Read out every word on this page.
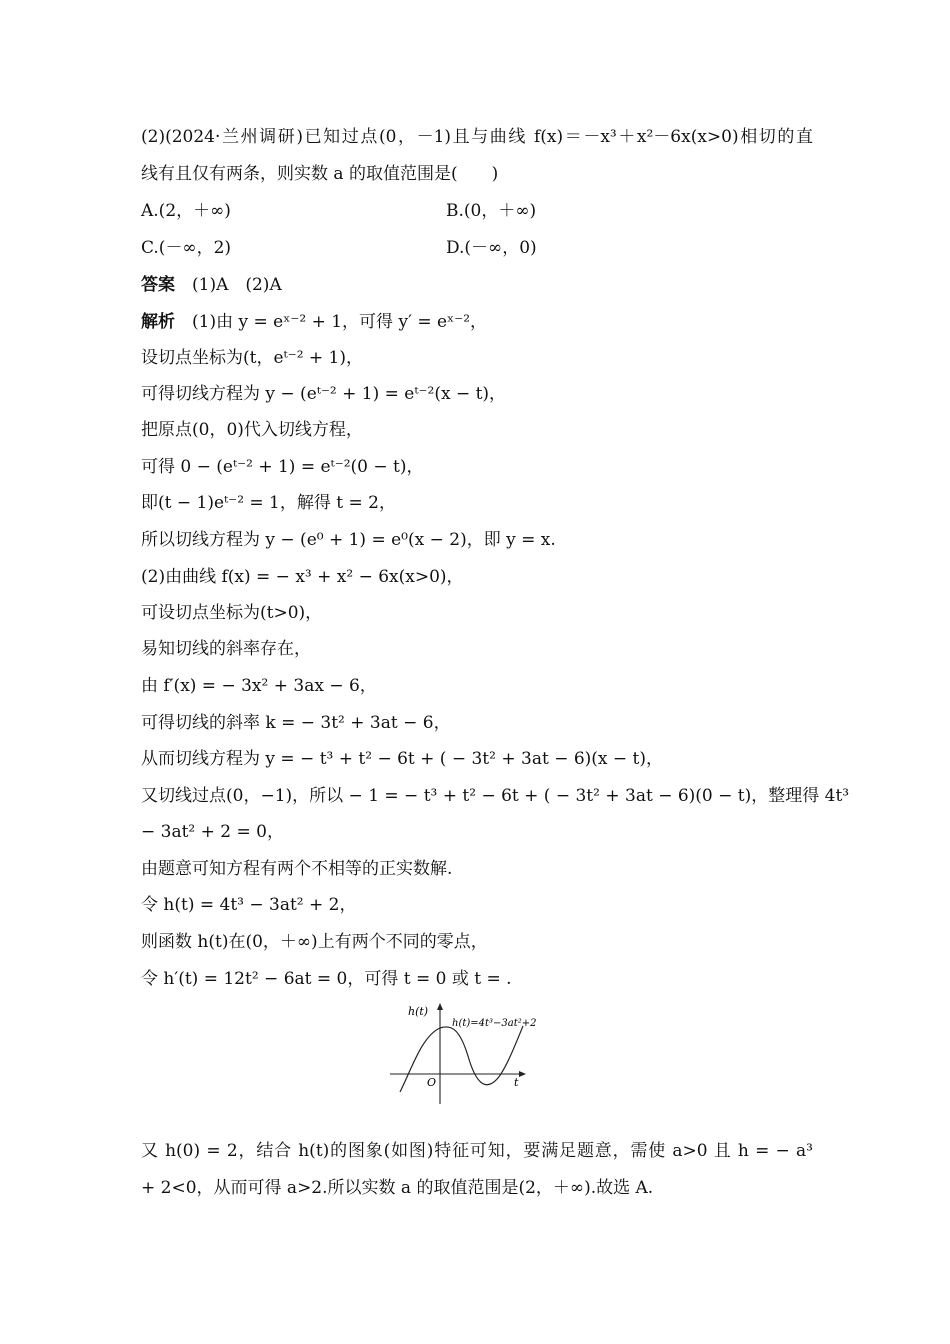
(2)(2024·兰州调研)已知过点(0，－1)且与曲线 f(x)＝－x³＋x²－6x(x>0)相切的直
线有且仅有两条，则实数 a 的取值范围是(　　)
A.(2，＋∞)	B.(0，＋∞)
C.(－∞，2)	D.(－∞，0)
答案　 (1)A　(2)A
解析　 (1)由 y = eˣ⁻² + 1，可得 y′ = eˣ⁻²，
设切点坐标为(t，eᵗ⁻² + 1)，
可得切线方程为 y − (eᵗ⁻² + 1) = eᵗ⁻²(x − t)，
把原点(0，0)代入切线方程，
可得 0 − (eᵗ⁻² + 1) = eᵗ⁻²(0 − t)，
即(t − 1)eᵗ⁻² = 1，解得 t = 2，
所以切线方程为 y − (e⁰ + 1) = e⁰(x − 2)，即 y = x.
(2)由曲线 f(x) = − x³ + x² − 6x(x>0)，
可设切点坐标为(t>0)，
易知切线的斜率存在，
由 f′(x) = − 3x² + 3ax − 6，
可得切线的斜率 k = − 3t² + 3at − 6，
从而切线方程为 y = − t³ + t² − 6t + ( − 3t² + 3at − 6)(x − t)，
又切线过点(0，−1)，所以 − 1 = − t³ + t² − 6t + ( − 3t² + 3at − 6)(0 − t)，整理得 4t³
− 3at² + 2 = 0，
由题意可知方程有两个不相等的正实数解.
令 h(t) = 4t³ − 3at² + 2，
则函数 h(t)在(0，＋∞)上有两个不同的零点，
令 h′(t) = 12t² − 6at = 0，可得 t = 0 或 t = .
h(t)
t
O
h(t)=4t³−3at²+2
又 h(0) = 2，结合 h(t)的图象(如图)特征可知，要满足题意，需使 a>0 且 h = − a³
+ 2<0，从而可得 a>2.所以实数 a 的取值范围是(2，＋∞).故选 A.
